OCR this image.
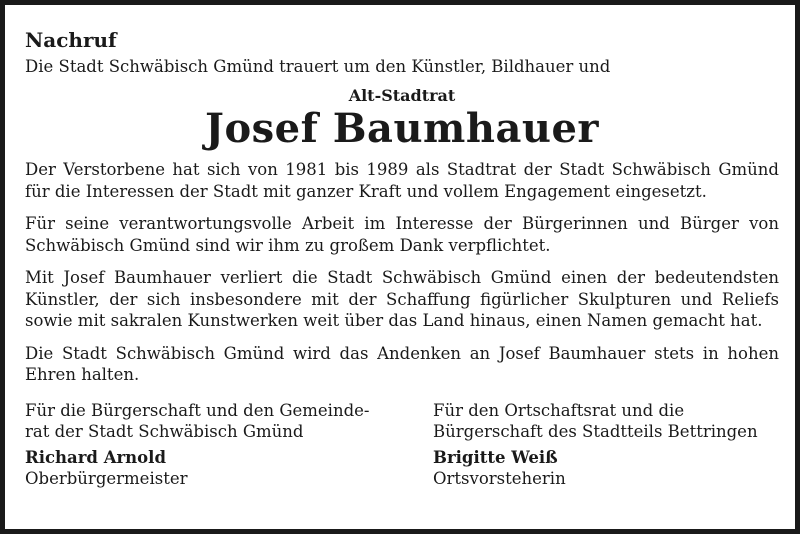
Nachruf

Die Stadt Schwäbisch Gmünd trauert um den Künstler, Bildhauer und

Alt-Stadtrat

Josef Baumhauer

Der Verstorbene hat sich von 1981 bis 1989 als Stadtrat der Stadt Schwäbisch Gmünd für die Interessen der Stadt mit ganzer Kraft und vollem Engagement eingesetzt.

Für seine verantwortungsvolle Arbeit im Interesse der Bürgerinnen und Bürger von Schwäbisch Gmünd sind wir ihm zu großem Dank verpflichtet.

Mit Josef Baumhauer verliert die Stadt Schwäbisch Gmünd einen der bedeutendsten Künstler, der sich insbesondere mit der Schaffung figürlicher Skulpturen und Reliefs sowie mit sakralen Kunstwerken weit über das Land hinaus, einen Namen gemacht hat.

Die Stadt Schwäbisch Gmünd wird das Andenken an Josef Baumhauer stets in hohen Ehren halten.

Für die Bürgerschaft und den Gemeinde-
rat der Stadt Schwäbisch Gmünd
Richard Arnold
Oberbürgermeister
Für den Ortschaftsrat und die
Bürgerschaft des Stadtteils Bettringen
Brigitte Weiß
Ortsvorsteherin
